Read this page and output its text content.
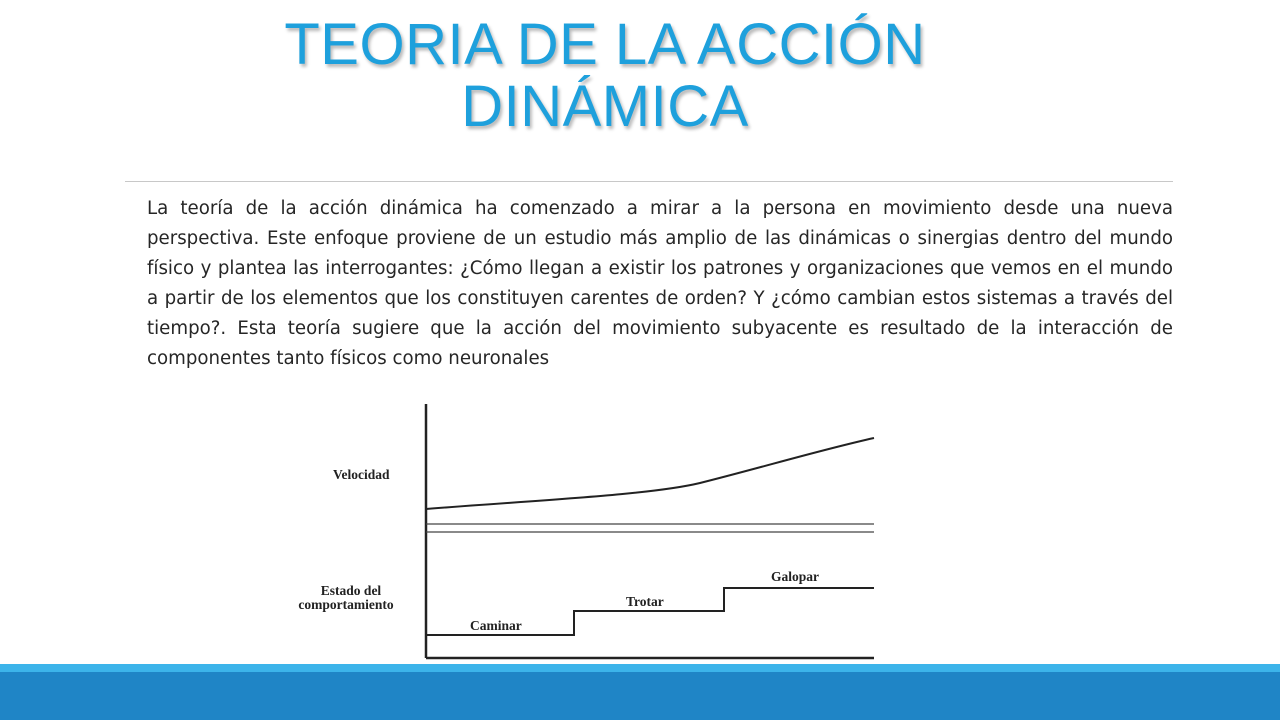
TEORIA DE LA ACCIÓN DINÁMICA
La teoría de la acción dinámica ha comenzado a mirar a la persona en movimiento desde una nueva perspectiva. Este enfoque proviene de un estudio más amplio de las dinámicas o sinergias dentro del mundo físico y plantea las interrogantes: ¿Cómo llegan a existir los patrones y organizaciones que vemos en el mundo a partir de los elementos que los constituyen carentes de orden? Y ¿cómo cambian estos sistemas a través del tiempo?. Esta teoría sugiere que la acción del movimiento subyacente es resultado de la interacción de componentes tanto físicos como neuronales
Velocidad
Estado del
comportamiento
Caminar
Trotar
Galopar
